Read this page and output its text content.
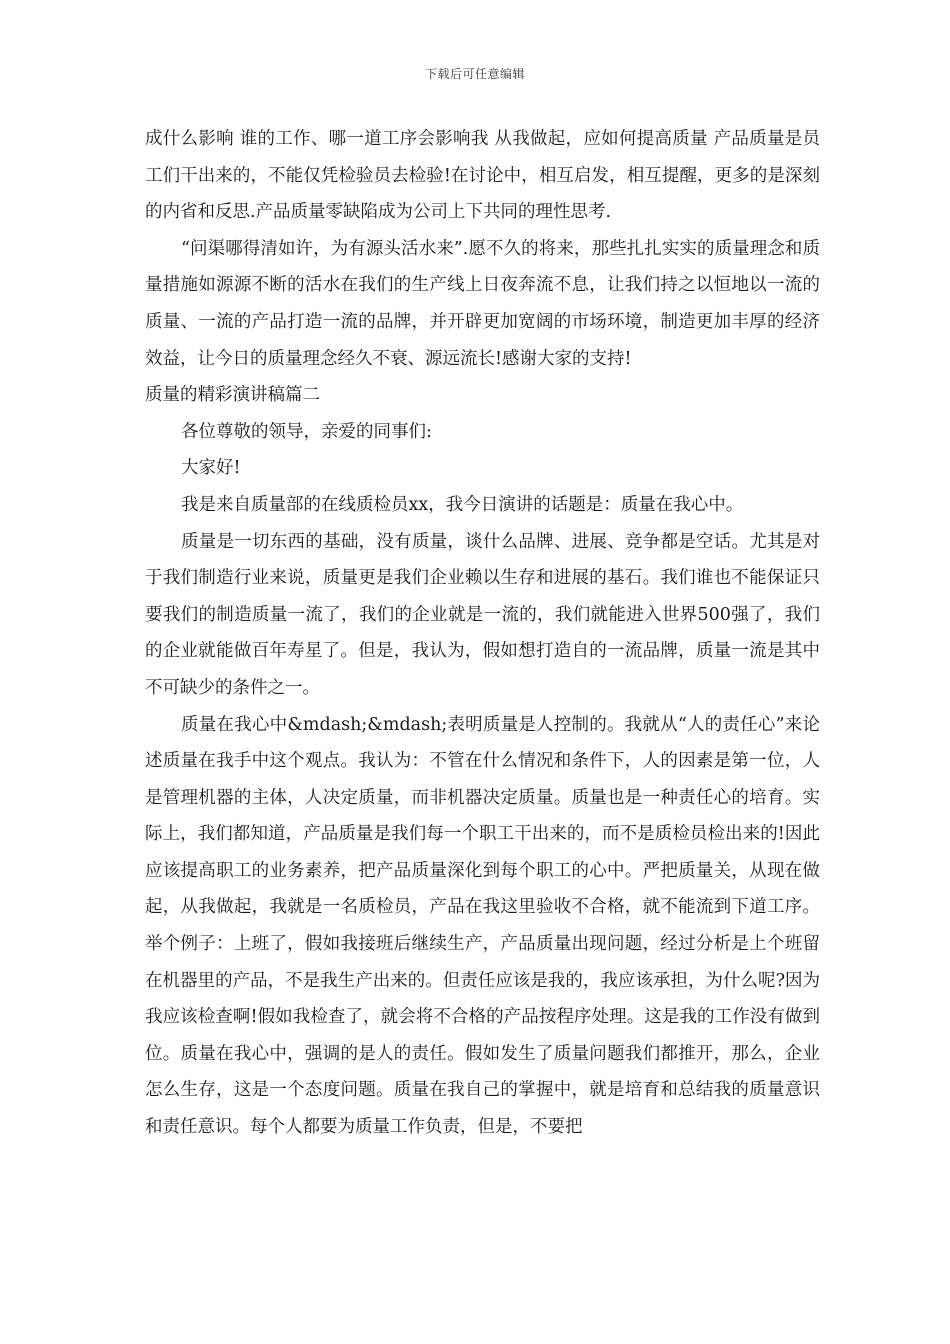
下载后可任意编辑

成什么影响 谁的工作、哪一道工序会影响我 从我做起，应如何提高质量 产品质量是员工们干出来的，不能仅凭检验员去检验!在讨论中，相互启发，相互提醒，更多的是深刻的内省和反思.产品质量零缺陷成为公司上下共同的理性思考.

“问渠哪得清如许，为有源头活水来”.愿不久的将来，那些扎扎实实的质量理念和质量措施如源源不断的活水在我们的生产线上日夜奔流不息，让我们持之以恒地以一流的质量、一流的产品打造一流的品牌，并开辟更加宽阔的市场环境，制造更加丰厚的经济效益，让今日的质量理念经久不衰、源远流长!感谢大家的支持!

质量的精彩演讲稿篇二

各位尊敬的领导，亲爱的同事们:

大家好!

我是来自质量部的在线质检员xx，我今日演讲的话题是：质量在我心中。

质量是一切东西的基础，没有质量，谈什么品牌、进展、竞争都是空话。尤其是对于我们制造行业来说，质量更是我们企业赖以生存和进展的基石。我们谁也不能保证只要我们的制造质量一流了，我们的企业就是一流的，我们就能进入世界500强了，我们的企业就能做百年寿星了。但是，我认为，假如想打造自的一流品牌，质量一流是其中不可缺少的条件之一。

质量在我心中&mdash;&mdash;表明质量是人控制的。我就从“人的责任心”来论述质量在我手中这个观点。我认为：不管在什么情况和条件下，人的因素是第一位，人是管理机器的主体，人决定质量，而非机器决定质量。质量也是一种责任心的培育。实际上，我们都知道，产品质量是我们每一个职工干出来的，而不是质检员检出来的!因此应该提高职工的业务素养，把产品质量深化到每个职工的心中。严把质量关，从现在做起，从我做起，我就是一名质检员，产品在我这里验收不合格，就不能流到下道工序。举个例子：上班了，假如我接班后继续生产，产品质量出现问题，经过分析是上个班留在机器里的产品，不是我生产出来的。但责任应该是我的，我应该承担，为什么呢?因为我应该检查啊!假如我检查了，就会将不合格的产品按程序处理。这是我的工作没有做到位。质量在我心中，强调的是人的责任。假如发生了质量问题我们都推开，那么，企业怎么生存，这是一个态度问题。质量在我自己的掌握中，就是培育和总结我的质量意识和责任意识。每个人都要为质量工作负责，但是，不要把
